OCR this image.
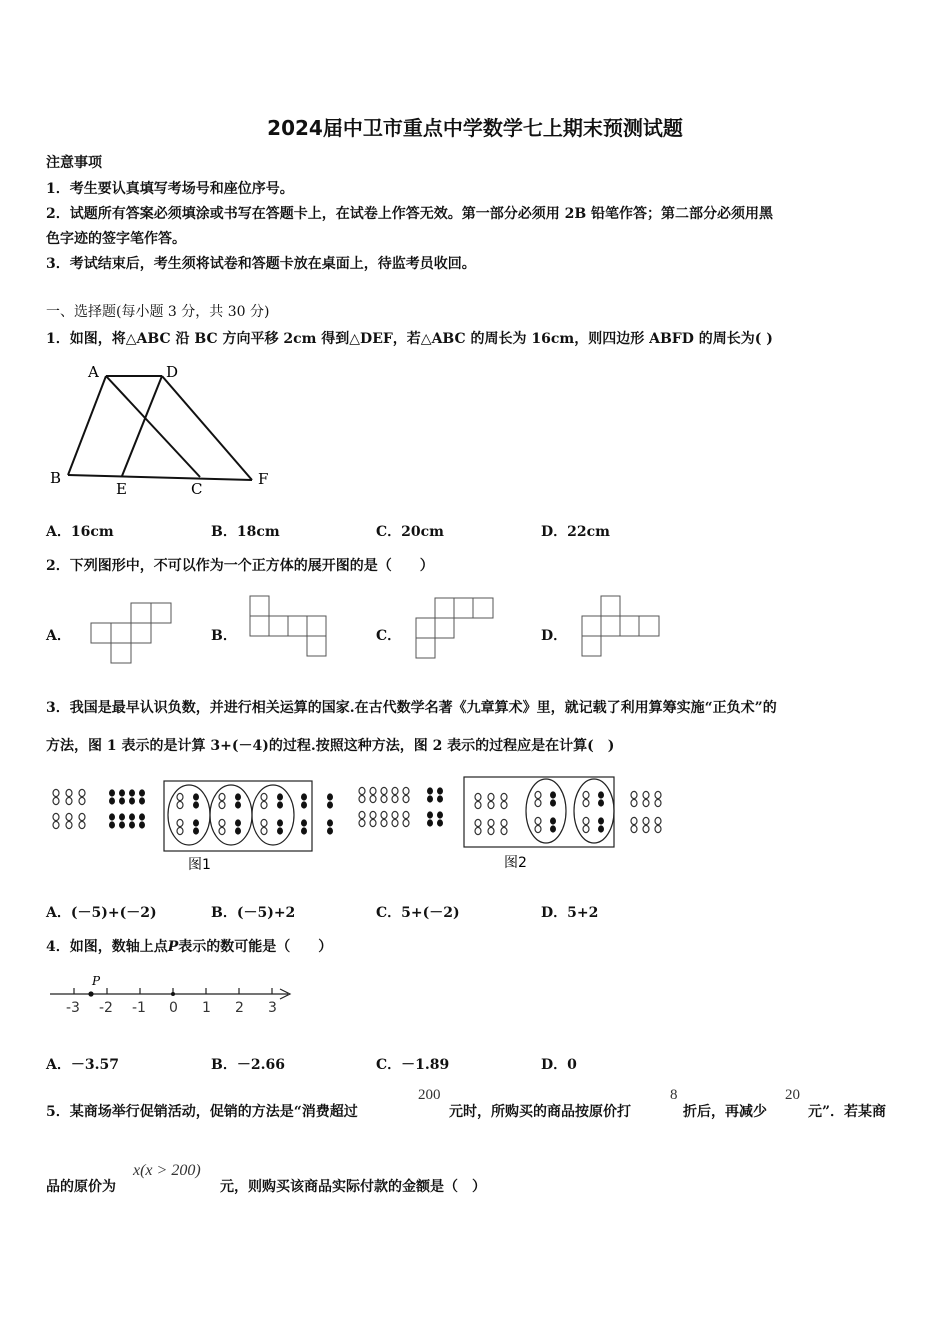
2024届中卫市重点中学数学七上期末预测试题
注意事项
1．考生要认真填写考场号和座位序号。
2．试题所有答案必须填涂或书写在答题卡上，在试卷上作答无效。第一部分必须用 2B 铅笔作答；第二部分必须用黑
色字迹的签字笔作答。
3．考试结束后，考生须将试卷和答题卡放在桌面上，待监考员收回。
一、选择题(每小题 3 分，共 30 分)
1．如图，将△ABC 沿 BC 方向平移 2cm 得到△DEF，若△ABC 的周长为 16cm，则四边形 ABFD 的周长为( )
A	D
B
E	C
F
A．16cm	B．18cm	C．20cm	D．22cm
2．下列图形中，不可以作为一个正方体的展开图的是（　　）
A．	B．	C．	D．
3．我国是最早认识负数，并进行相关运算的国家.在古代数学名著《九章算术》里，就记载了利用算筹实施“正负术”的
方法，图 1 表示的是计算 3+(－4)的过程.按照这种方法，图 2 表示的过程应是在计算(　)
图1	图2
A．(－5)+(－2)	B．(－5)+2	C．5+(－2)	D．5+2
4．如图，数轴上点P表示的数可能是（　　）
P
-3 -2 -1 0 1 2 3
A．－3.57	B．－2.66	C．－1.89	D．0
5．某商场举行促销活动，促销的方法是“消费超过
200
元时，所购买的商品按原价打
8
折后，再减少
20
元”．若某商
品的原价为
x(x > 200)
元，则购买该商品实际付款的金额是（　）
